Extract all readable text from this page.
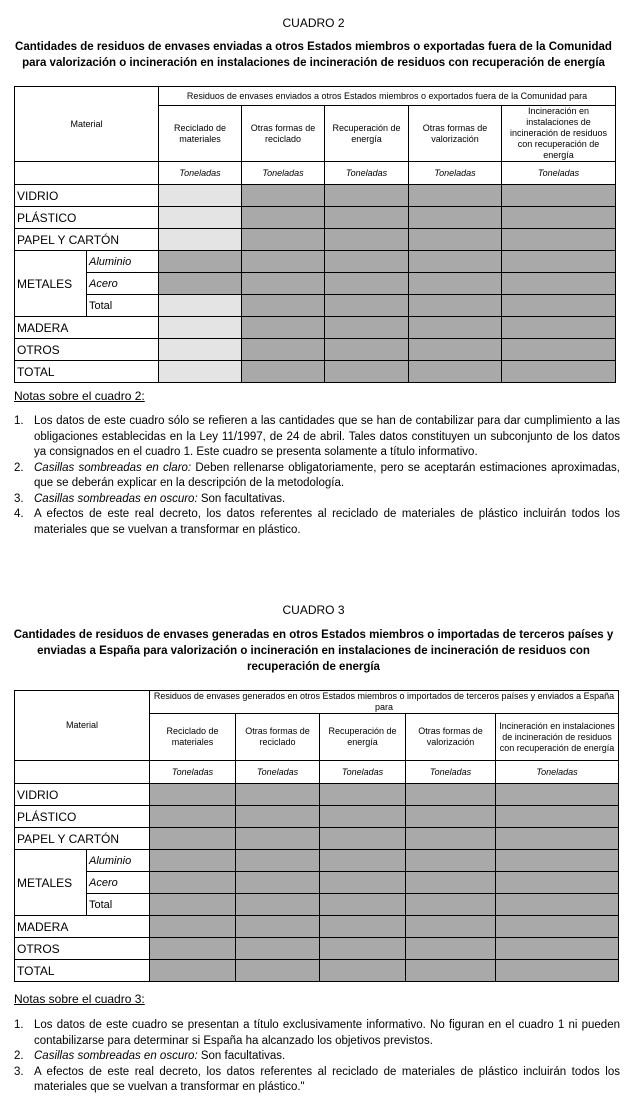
CUADRO 2
Cantidades de residuos de envases enviadas a otros Estados miembros o exportadas fuera de la Comunidad para valorización o incineración en instalaciones de incineración de residuos con recuperación de energía
Material		Residuos de envases enviados a otros Estados miembros o exportados fuera de la Comunidad para				
		Reciclado de materiales	Otras formas de reciclado	Recuperación de energía	Otras formas de valorización	Incineración en instalaciones de incineración de residuos con recuperación de energía
		Toneladas	Toneladas	Toneladas	Toneladas	Toneladas
VIDRIO						
PLÁSTICO						
PAPEL Y CARTÓN						
METALES	Aluminio					
	Acero					
	Total					
MADERA						
OTROS						
TOTAL						
Notas sobre el cuadro 2:
1. Los datos de este cuadro sólo se refieren a las cantidades que se han de contabilizar para dar cumplimiento a las obligaciones establecidas en la Ley 11/1997, de 24 de abril. Tales datos constituyen un subconjunto de los datos ya consignados en el cuadro 1. Este cuadro se presenta solamente a título informativo.
2. Casillas sombreadas en claro: Deben rellenarse obligatoriamente, pero se aceptarán estimaciones aproximadas, que se deberán explicar en la descripción de la metodología.
3. Casillas sombreadas en oscuro: Son facultativas.
4. A efectos de este real decreto, los datos referentes al reciclado de materiales de plástico incluirán todos los materiales que se vuelvan a transformar en plástico.
CUADRO 3
Cantidades de residuos de envases generadas en otros Estados miembros o importadas de terceros países y enviadas a España para valorización o incineración en instalaciones de incineración de residuos con recuperación de energía
Material		Residuos de envases generados en otros Estados miembros o importados de terceros países y enviados a España para				
		Reciclado de materiales	Otras formas de reciclado	Recuperación de energía	Otras formas de valorización	Incineración en instalaciones de incineración de residuos con recuperación de energía
		Toneladas	Toneladas	Toneladas	Toneladas	Toneladas
VIDRIO						
PLÁSTICO						
PAPEL Y CARTÓN						
METALES	Aluminio					
	Acero					
	Total					
MADERA						
OTROS						
TOTAL						
Notas sobre el cuadro 3:
1. Los datos de este cuadro se presentan a título exclusivamente informativo. No figuran en el cuadro 1 ni pueden contabilizarse para determinar si España ha alcanzado los objetivos previstos.
2. Casillas sombreadas en oscuro: Son facultativas.
3. A efectos de este real decreto, los datos referentes al reciclado de materiales de plástico incluirán todos los materiales que se vuelvan a transformar en plástico."
